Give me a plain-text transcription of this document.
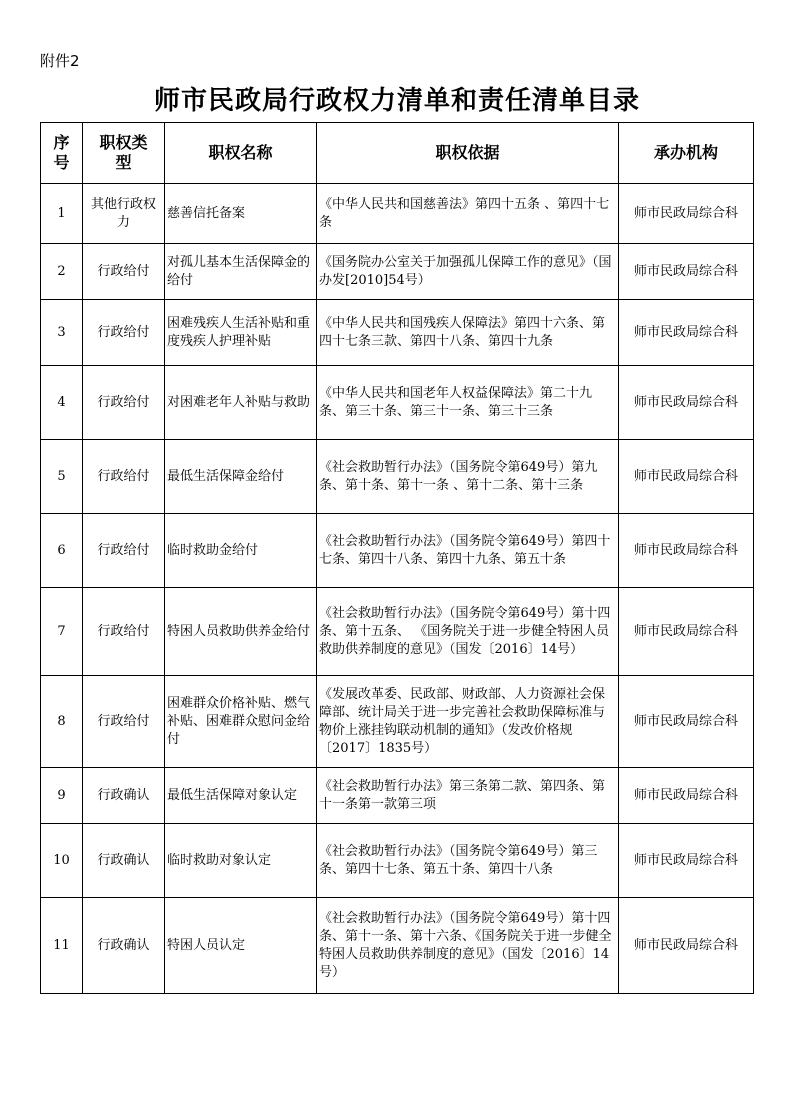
附件2
师市民政局行政权力清单和责任清单目录
序号	职权类型	职权名称	职权依据	承办机构
1	其他行政权力	慈善信托备案	《中华人民共和国慈善法》第四十五条 、第四十七条	师市民政局综合科
2	行政给付	对孤儿基本生活保障金的给付	《国务院办公室关于加强孤儿保障工作的意见》（国办发[2010]54号）	师市民政局综合科
3	行政给付	困难残疾人生活补贴和重度残疾人护理补贴	《中华人民共和国残疾人保障法》第四十六条、第四十七条三款、第四十八条、第四十九条	师市民政局综合科
4	行政给付	对困难老年人补贴与救助	《中华人民共和国老年人权益保障法》第二十九条、第三十条、第三十一条、第三十三条	师市民政局综合科
5	行政给付	最低生活保障金给付	《社会救助暂行办法》（国务院令第649号）第九条、第十条、第十一条 、第十二条、第十三条	师市民政局综合科
6	行政给付	临时救助金给付	《社会救助暂行办法》（国务院令第649号）第四十七条、第四十八条、第四十九条、第五十条	师市民政局综合科
7	行政给付	特困人员救助供养金给付	《社会救助暂行办法》（国务院令第649号）第十四条、第十五条、 《国务院关于进一步健全特困人员救助供养制度的意见》（国发〔2016〕14号）	师市民政局综合科
8	行政给付	困难群众价格补贴、燃气补贴、困难群众慰问金给付	《发展改革委、民政部、财政部、人力资源社会保障部、统计局关于进一步完善社会救助保障标准与物价上涨挂钩联动机制的通知》（发改价格规〔2017〕1835号）	师市民政局综合科
9	行政确认	最低生活保障对象认定	《社会救助暂行办法》第三条第二款、第四条、第十一条第一款第三项	师市民政局综合科
10	行政确认	临时救助对象认定	《社会救助暂行办法》（国务院令第649号）第三条、第四十七条、第五十条、第四十八条	师市民政局综合科
11	行政确认	特困人员认定	《社会救助暂行办法》（国务院令第649号）第十四条、第十一条、第十六条、《国务院关于进一步健全特困人员救助供养制度的意见》（国发〔2016〕14号）	师市民政局综合科
